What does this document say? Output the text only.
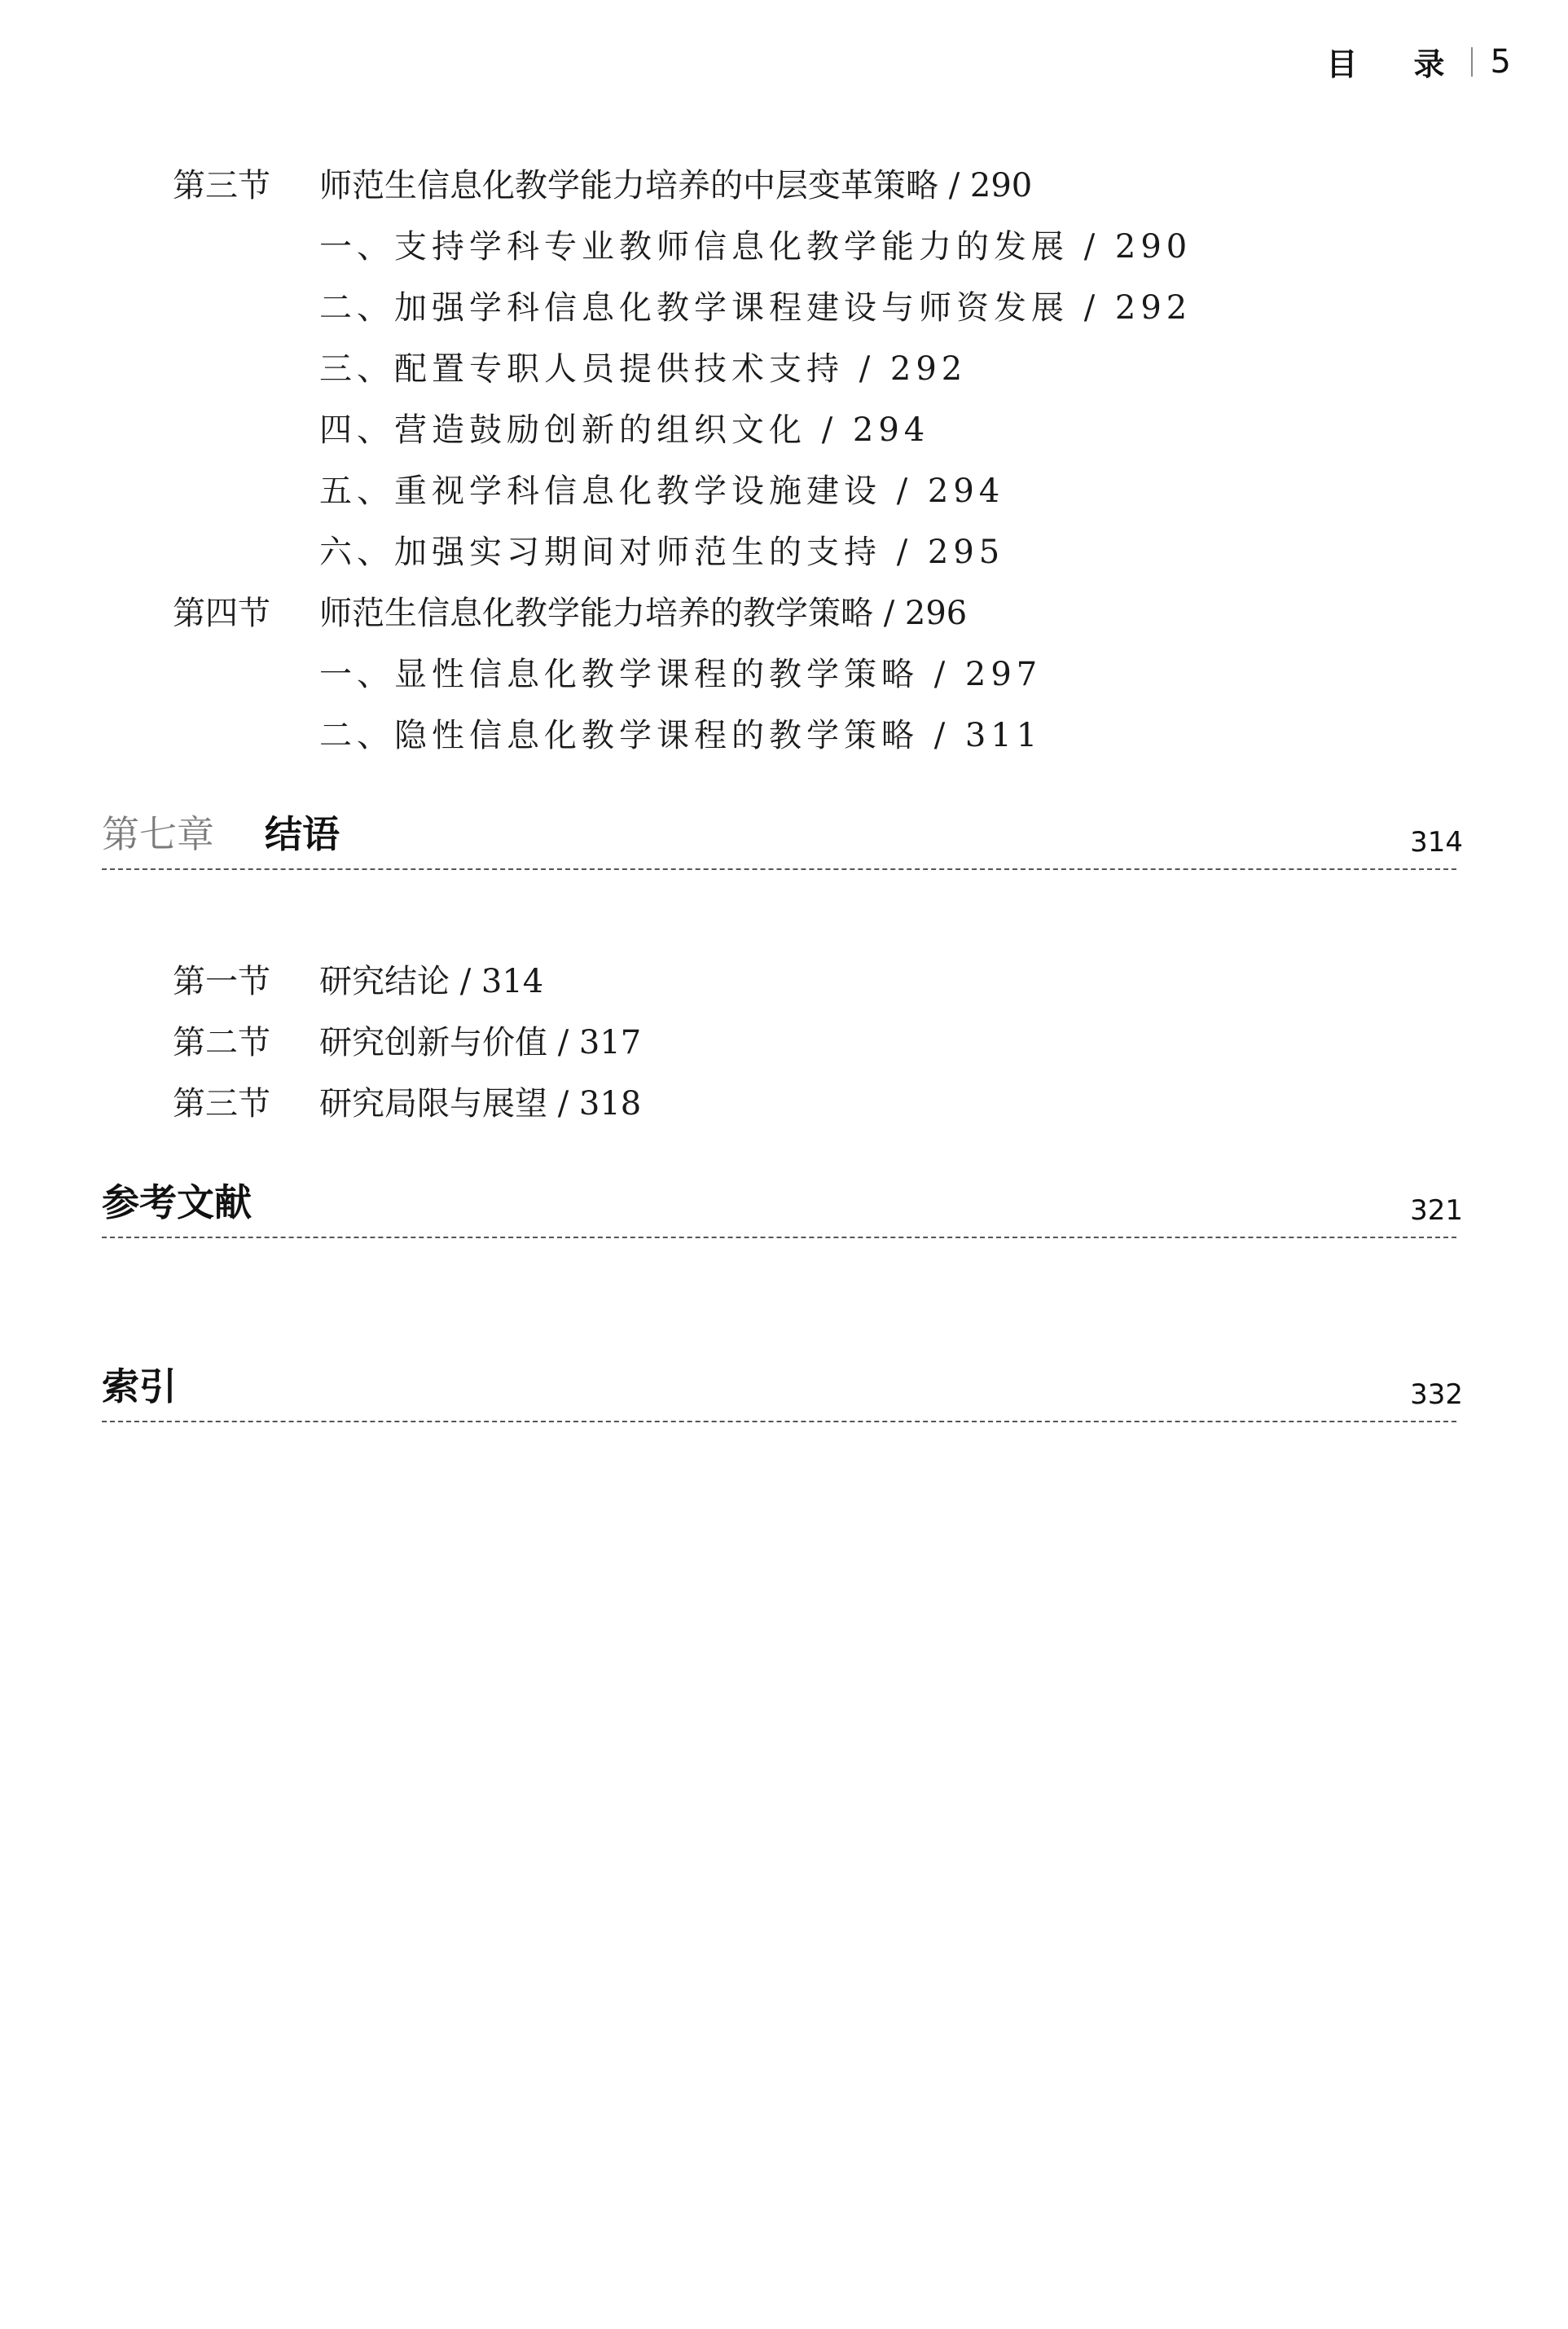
目 录 5
第三节 师范生信息化教学能力培养的中层变革策略 / 290
一、支持学科专业教师信息化教学能力的发展 / 290
二、加强学科信息化教学课程建设与师资发展 / 292
三、配置专职人员提供技术支持 / 292
四、营造鼓励创新的组织文化 / 294
五、重视学科信息化教学设施建设 / 294
六、加强实习期间对师范生的支持 / 295
第四节 师范生信息化教学能力培养的教学策略 / 296
一、显性信息化教学课程的教学策略 / 297
二、隐性信息化教学课程的教学策略 / 311
第七章 结语	314
第一节 研究结论 / 314
第二节 研究创新与价值 / 317
第三节 研究局限与展望 / 318
参考文献	321
索引	332
